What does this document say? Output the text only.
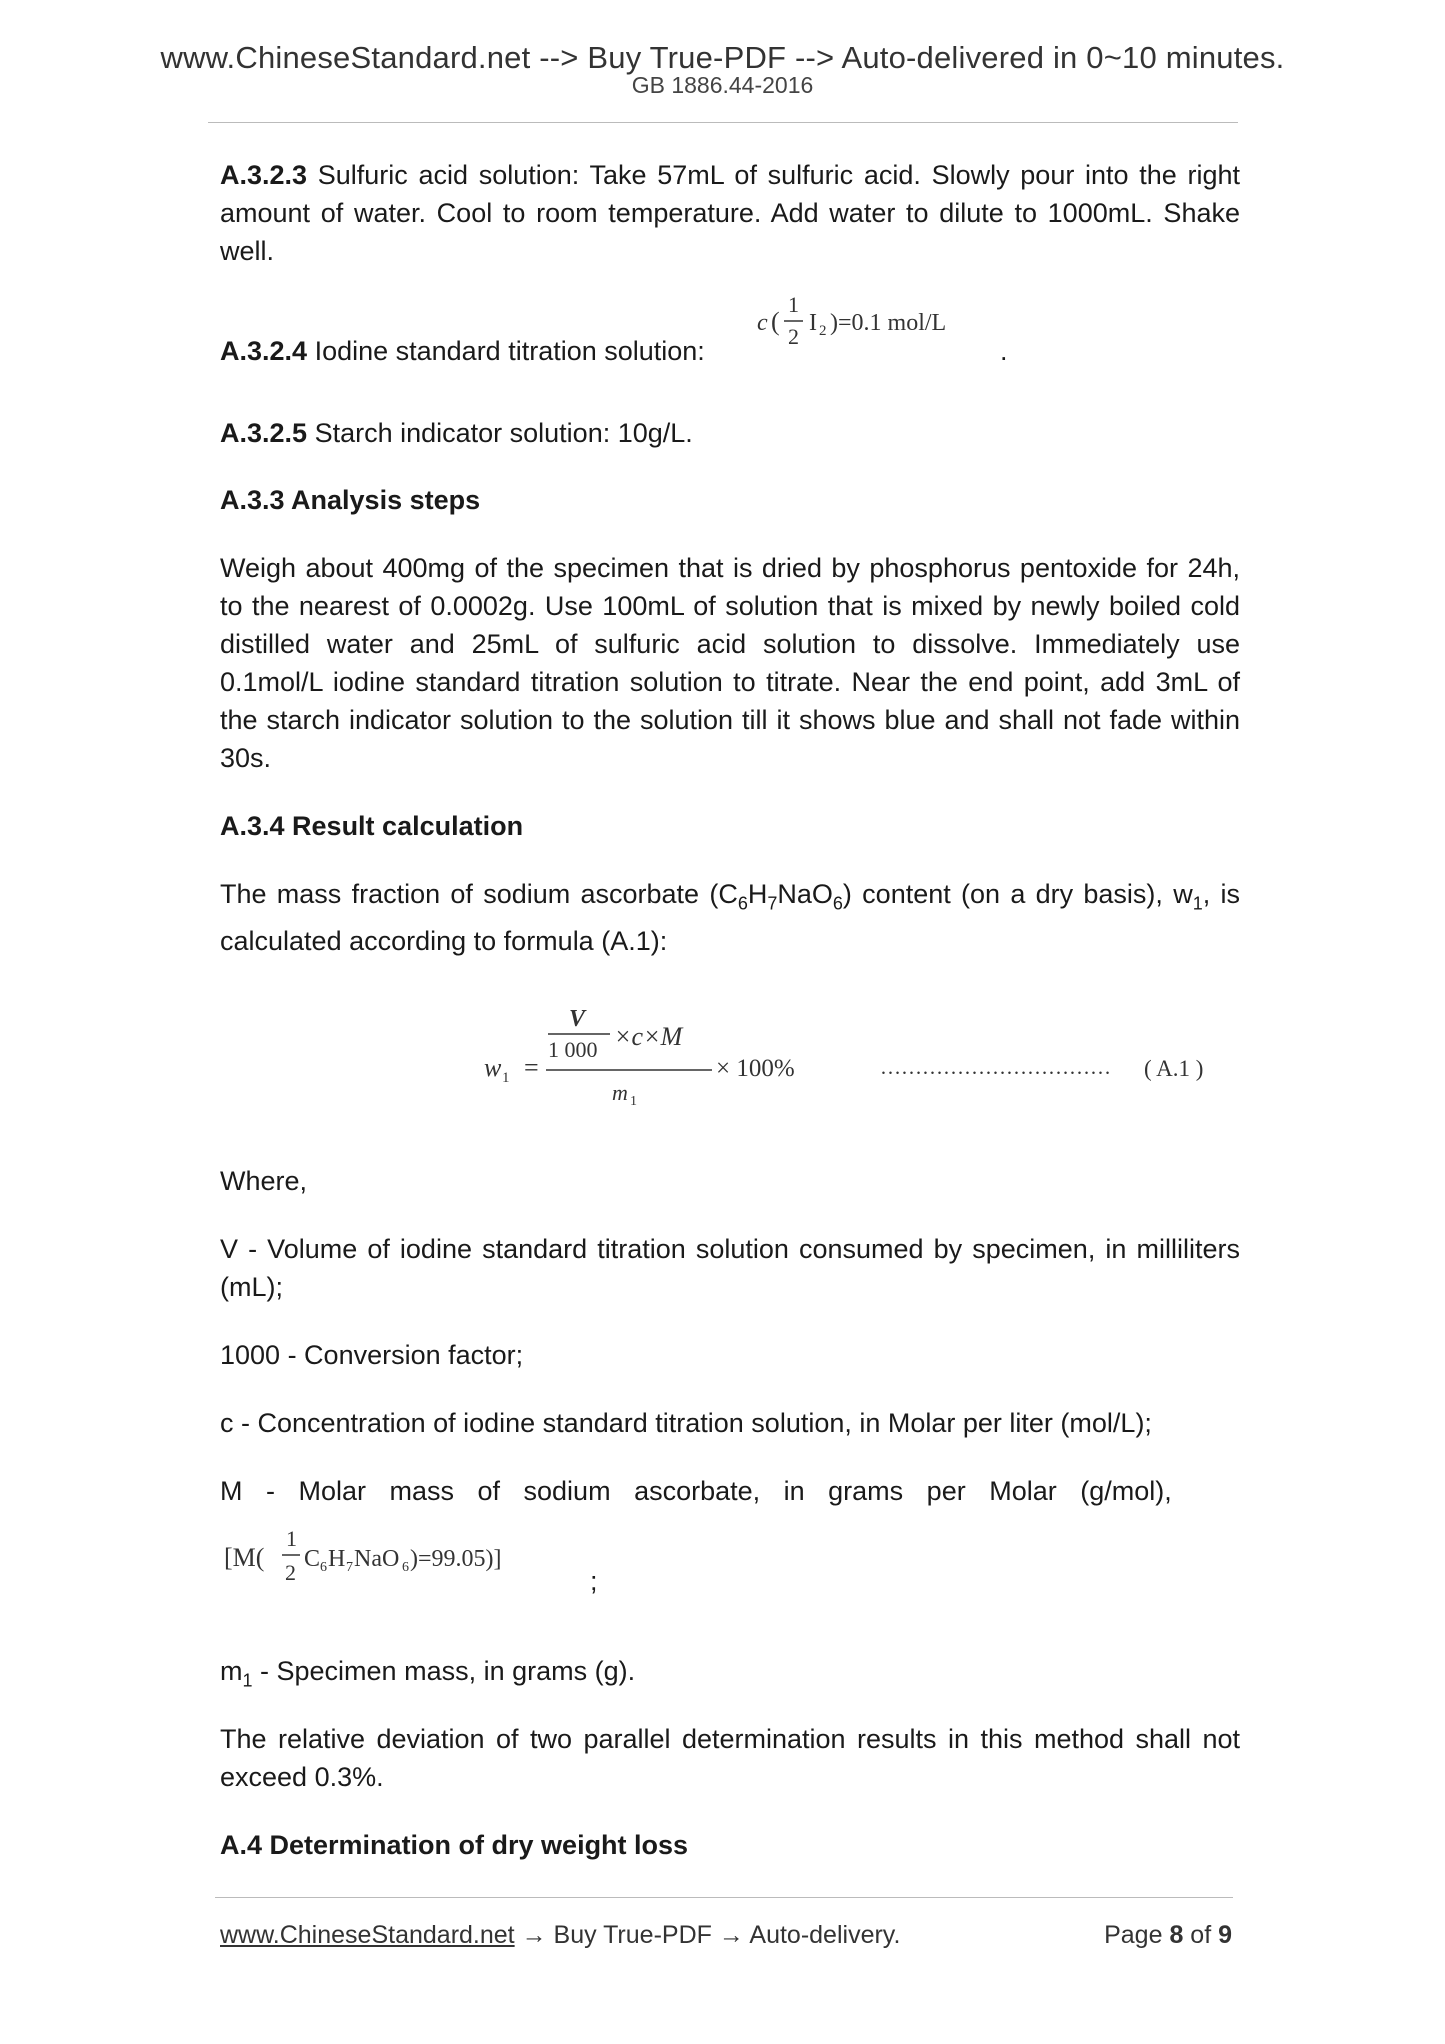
www.ChineseStandard.net --> Buy True-PDF --> Auto-delivered in 0~10 minutes.
GB 1886.44-2016

A.3.2.3 Sulfuric acid solution: Take 57mL of sulfuric acid. Slowly pour into the right amount of water. Cool to room temperature. Add water to dilute to 1000mL. Shake well.

A.3.2.4 Iodine standard titration solution:

c (
1
2
I 2 )=0.1 mol/L
.

A.3.2.5 Starch indicator solution: 10g/L.

A.3.3 Analysis steps

Weigh about 400mg of the specimen that is dried by phosphorus pentoxide for 24h, to the nearest of 0.0002g. Use 100mL of solution that is mixed by newly boiled cold distilled water and 25mL of sulfuric acid solution to dissolve. Immediately use 0.1mol/L iodine standard titration solution to titrate. Near the end point, add 3mL of the starch indicator solution to the solution till it shows blue and shall not fade within 30s.

A.3.4 Result calculation

The mass fraction of sodium ascorbate $(C_6H_7NaO_6)$ content (on a dry basis), $w_1$, is calculated according to formula (A.1):

w 1 =
V
1 000 ×c×M
m 1
× 100%	…………………………… ( A.1 )

Where,

V - Volume of iodine standard titration solution consumed by specimen, in milliliters (mL);

1000 - Conversion factor;

c - Concentration of iodine standard titration solution, in Molar per liter (mol/L);

M - Molar mass of sodium ascorbate, in grams per Molar (g/mol),

[M(
1
2
C 6 H 7 NaO 6 )=99.05)]
;

$m_1$ - Specimen mass, in grams (g).

The relative deviation of two parallel determination results in this method shall not exceed 0.3%.

A.4 Determination of dry weight loss

www.ChineseStandard.net → Buy True-PDF → Auto-delivery.	Page 8 of 9
